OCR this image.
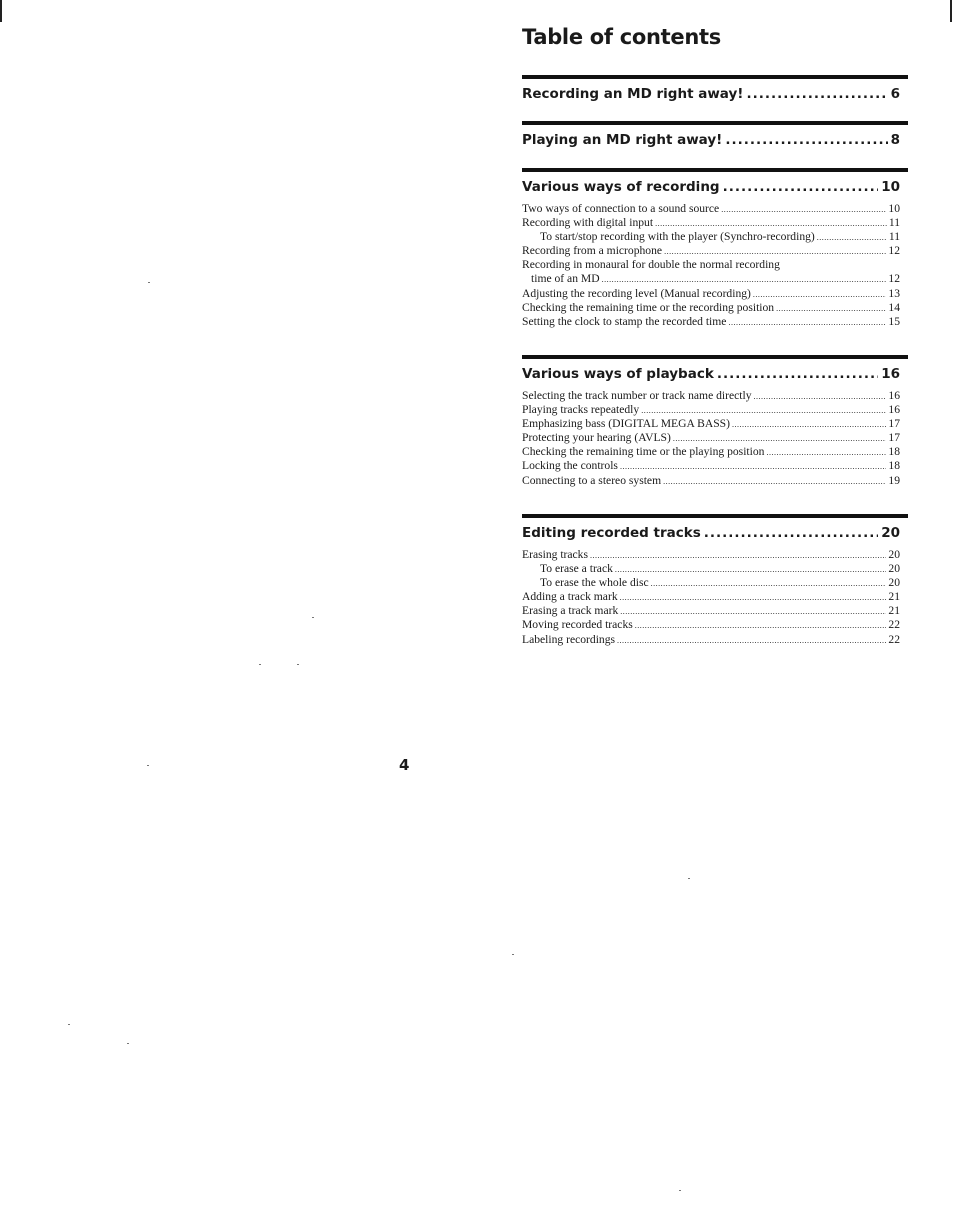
Table of contents
Recording an MD right away! .....	6
Playing an MD right away! .....	8
Various ways of recording .....	10
Two ways of connection to a sound source .....	10
Recording with digital input .....	11
To start/stop recording with the player (Synchro-recording) .....	11
Recording from a microphone .....	12
Recording in monaural for double the normal recording
time of an MD .....	12
Adjusting the recording level (Manual recording) .....	13
Checking the remaining time or the recording position .....	14
Setting the clock to stamp the recorded time .....	15
Various ways of playback .....	16
Selecting the track number or track name directly .....	16
Playing tracks repeatedly .....	16
Emphasizing bass (DIGITAL MEGA BASS) .....	17
Protecting your hearing (AVLS) .....	17
Checking the remaining time or the playing position .....	18
Locking the controls .....	18
Connecting to a stereo system .....	19
Editing recorded tracks .....	20
Erasing tracks .....	20
To erase a track .....	20
To erase the whole disc .....	20
Adding a track mark .....	21
Erasing a track mark .....	21
Moving recorded tracks .....	22
Labeling recordings .....	22
4
